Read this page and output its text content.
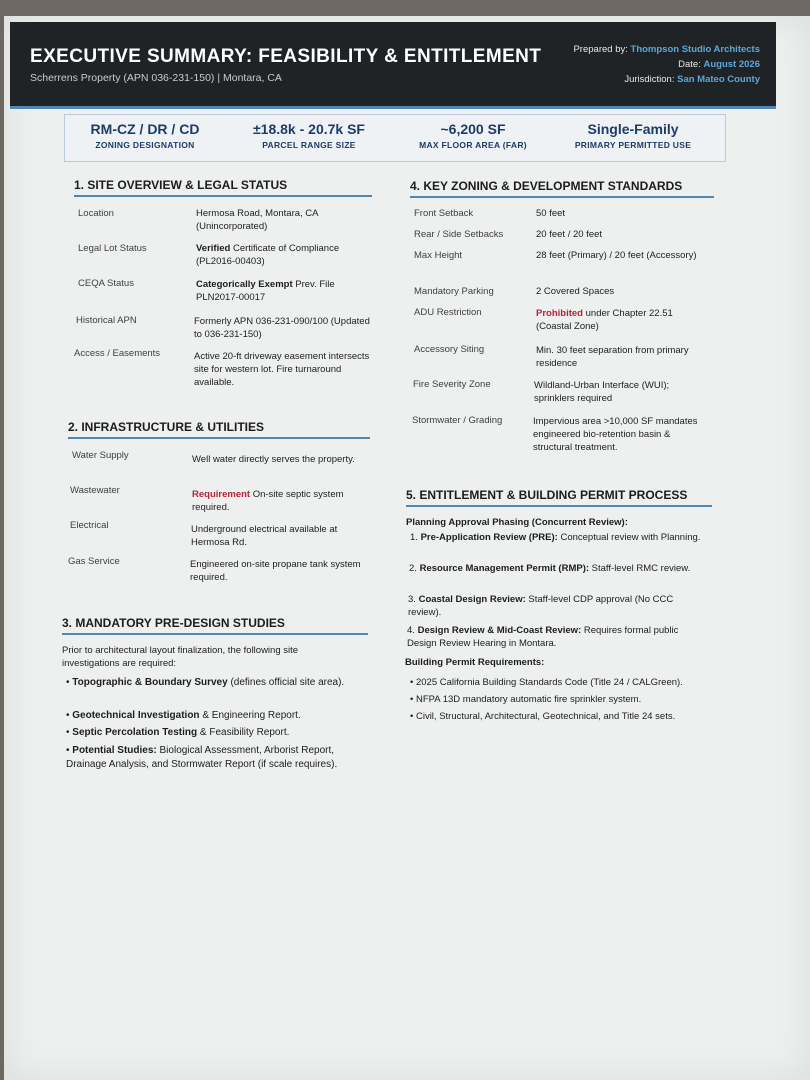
EXECUTIVE SUMMARY: FEASIBILITY & ENTITLEMENT
Scherrens Property (APN 036-231-150) | Montara, CA
Prepared by: Thompson Studio Architects
Date: August 2026
Jurisdiction: San Mateo County
RM-CZ / DR / CD
ZONING DESIGNATION
±18.8k - 20.7k SF
PARCEL RANGE SIZE
~6,200 SF
MAX FLOOR AREA (FAR)
Single-Family
PRIMARY PERMITTED USE
1. SITE OVERVIEW & LEGAL STATUS
Location	Hermosa Road, Montara, CA (Unincorporated)
Legal Lot Status	Verified Certificate of Compliance (PL2016-00403)
CEQA Status	Categorically Exempt Prev. File PLN2017-00017
Historical APN	Formerly APN 036-231-090/100 (Updated to 036-231-150)
Access / Easements	Active 20-ft driveway easement intersects site for western lot. Fire turnaround available.
2. INFRASTRUCTURE & UTILITIES
Water Supply	Well water directly serves the property.
Wastewater	Requirement On-site septic system required.
Electrical	Underground electrical available at Hermosa Rd.
Gas Service	Engineered on-site propane tank system required.
3. MANDATORY PRE-DESIGN STUDIES
Prior to architectural layout finalization, the following site investigations are required:
• Topographic & Boundary Survey (defines official site area).
• Geotechnical Investigation & Engineering Report.
• Septic Percolation Testing & Feasibility Report.
• Potential Studies: Biological Assessment, Arborist Report, Drainage Analysis, and Stormwater Report (if scale requires).
4. KEY ZONING & DEVELOPMENT STANDARDS
Front Setback	50 feet
Rear / Side Setbacks	20 feet / 20 feet
Max Height	28 feet (Primary) / 20 feet (Accessory)
Mandatory Parking	2 Covered Spaces
ADU Restriction	Prohibited under Chapter 22.51 (Coastal Zone)
Accessory Siting	Min. 30 feet separation from primary residence
Fire Severity Zone	Wildland-Urban Interface (WUI); sprinklers required
Stormwater / Grading	Impervious area >10,000 SF mandates engineered bio-retention basin & structural treatment.
5. ENTITLEMENT & BUILDING PERMIT PROCESS
Planning Approval Phasing (Concurrent Review):
1. Pre-Application Review (PRE): Conceptual review with Planning.
2. Resource Management Permit (RMP): Staff-level RMC review.
3. Coastal Design Review: Staff-level CDP approval (No CCC review).
4. Design Review & Mid-Coast Review: Requires formal public Design Review Hearing in Montara.
Building Permit Requirements:
• 2025 California Building Standards Code (Title 24 / CALGreen).
• NFPA 13D mandatory automatic fire sprinkler system.
• Civil, Structural, Architectural, Geotechnical, and Title 24 sets.
